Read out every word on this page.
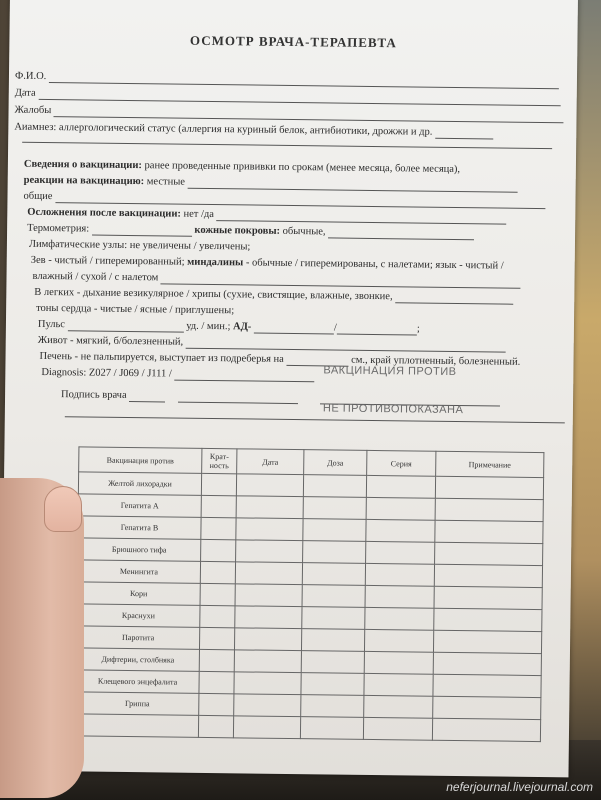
ОСМОТР ВРАЧА-ТЕРАПЕВТА
Ф.И.О.
Дата
Жалобы
Аиамнез: аллергологический статус (аллергия на куриный белок, антибиотики, дрожжи и др.
Сведения о вакцинации: ранее проведенные прививки по срокам (менее месяца, более месяца),
реакции на вакцинацию: местные
общие
Осложнения после вакцинации: нет /да
Термометрия:	кожные покровы: обычные,
Лимфатические узлы: не увеличены / увеличены;
Зев - чистый / гиперемированный; миндалины - обычные / гиперемированы, с налетами; язык - чистый /
влажный / сухой / с налетом
В легких - дыхание везикулярное / хрипы (сухие, свистящие, влажные, звонкие,
тоны сердца - чистые / ясные / приглушены;
Пульс	уд. / мин.; АД-	/	;
Живот - мягкий, б/болезненный,
Печень - не пальпируется, выступает из подреберья на	см., край уплотненный, болезненный.
Diagnosis: Z027 / J069 / J111 /	ВАКЦИНАЦИЯ ПРОТИВ
Подпись врача
НЕ ПРОТИВОПОКАЗАНА
Вакцинация против	Крат-ность	Дата	Доза	Серия	Примечание
Желтой лихорадки					
Гепатита А					
Гепатита В					
Брюшного тифа					
Менингита					
Кори					
Краснухи					
Паротита					
Дифтерии, столбняка					
Клещевого энцефалита					
Гриппа					

neferjournal.livejournal.com
